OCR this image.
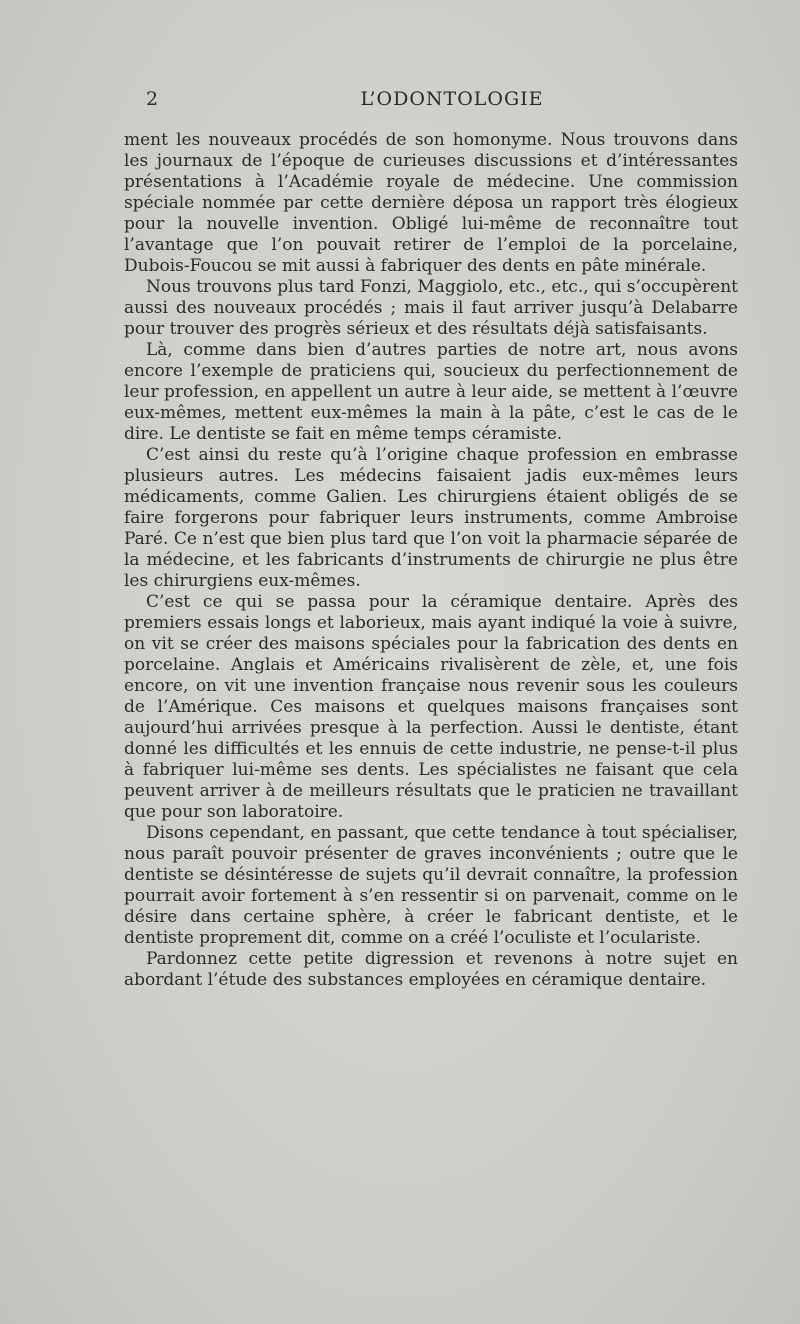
2	L’ODONTOLOGIE

ment les nouveaux procédés de son homonyme. Nous trouvons dans les journaux de l’époque de curieuses discussions et d’intéressantes présentations à l’Académie royale de médecine. Une commission spéciale nommée par cette dernière déposa un rapport très élogieux pour la nouvelle invention. Obligé lui-même de reconnaître tout l’avantage que l’on pouvait retirer de l’emploi de la porcelaine, Dubois-Foucou se mit aussi à fabriquer des dents en pâte minérale.

Nous trouvons plus tard Fonzi, Maggiolo, etc., etc., qui s’occupèrent aussi des nouveaux procédés ; mais il faut arriver jusqu’à Delabarre pour trouver des progrès sérieux et des résultats déjà satisfaisants.

Là, comme dans bien d’autres parties de notre art, nous avons encore l’exemple de praticiens qui, soucieux du perfectionnement de leur profession, en appellent un autre à leur aide, se mettent à l’œuvre eux-mêmes, mettent eux-mêmes la main à la pâte, c’est le cas de le dire. Le dentiste se fait en même temps céramiste.

C’est ainsi du reste qu’à l’origine chaque profession en embrasse plusieurs autres. Les médecins faisaient jadis eux-mêmes leurs médicaments, comme Galien. Les chirurgiens étaient obligés de se faire forgerons pour fabriquer leurs instruments, comme Ambroise Paré. Ce n’est que bien plus tard que l’on voit la pharmacie séparée de la médecine, et les fabricants d’instruments de chirurgie ne plus être les chirurgiens eux-mêmes.

C’est ce qui se passa pour la céramique dentaire. Après des premiers essais longs et laborieux, mais ayant indiqué la voie à suivre, on vit se créer des maisons spéciales pour la fabrication des dents en porcelaine. Anglais et Américains rivalisèrent de zèle, et, une fois encore, on vit une invention française nous revenir sous les couleurs de l’Amérique. Ces maisons et quelques maisons françaises sont aujourd’hui arrivées presque à la perfection. Aussi le dentiste, étant donné les difficultés et les ennuis de cette industrie, ne pense-t-il plus à fabriquer lui-même ses dents. Les spécialistes ne faisant que cela peuvent arriver à de meilleurs résultats que le praticien ne travaillant que pour son laboratoire.

Disons cependant, en passant, que cette tendance à tout spécialiser, nous paraît pouvoir présenter de graves inconvénients ; outre que le dentiste se désintéresse de sujets qu’il devrait connaître, la profession pourrait avoir fortement à s’en ressentir si on parvenait, comme on le désire dans certaine sphère, à créer le fabricant dentiste, et le dentiste proprement dit, comme on a créé l’oculiste et l’oculariste.

Pardonnez cette petite digression et revenons à notre sujet en abordant l’étude des substances employées en céramique dentaire.
